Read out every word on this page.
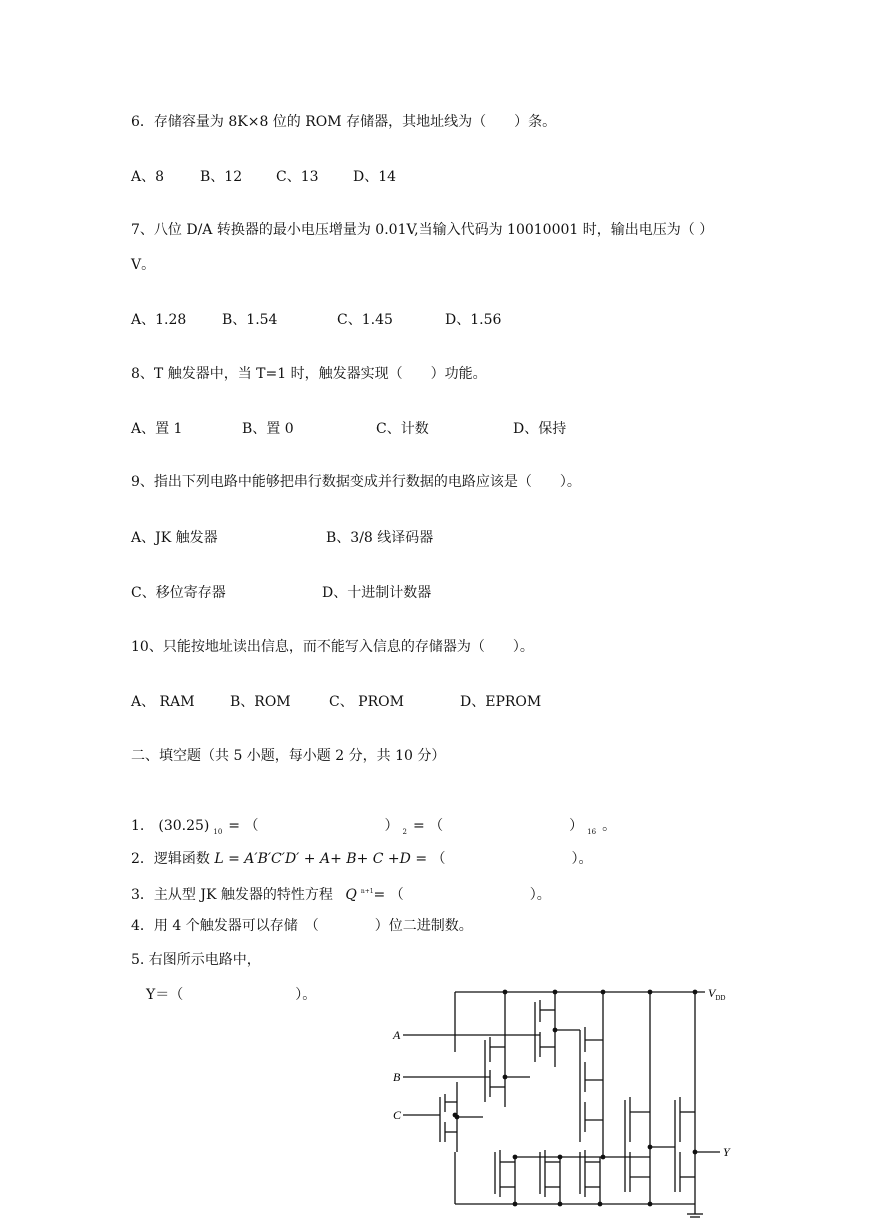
6．存储容量为 8K×8 位的 ROM 存储器，其地址线为（　　）条。
A、8	B、12 C、13 D、14
7、八位 D/A 转换器的最小电压增量为 0.01V,当输入代码为 10010001 时，输出电压为（ ）
V。
A、1.28	B、1.54	C、1.45	D、1.56
8、T 触发器中，当 T=1 时，触发器实现（　　）功能。
A、置 1	B、置 0	C、计数	D、保持
9、指出下列电路中能够把串行数据变成并行数据的电路应该是（　　）。
A、JK 触发器	B、3/8 线译码器
C、移位寄存器	D、十进制计数器
10、只能按地址读出信息，而不能写入信息的存储器为（　　）。
A、 RAM	B、ROM	C、 PROM	D、EPROM
二、填空题（共 5 小题，每小题 2 分，共 10 分）
1.　(30.25) $_{10}$ = （　　　　　　　　　） $_2$ = （　　　　　　　　　） $_{16}$ 。
2．逻辑函数 L = A′B′C′D′ + A+ B+ C +D = （　　　　　　　　　）。
3．主从型 JK 触发器的特性方程 Q $^{n+1}$= （　　　　　　　　　）。
4．用 4 个触发器可以存储　（　　　　）位二进制数。
5. 右图所示电路中，
Y＝（　　　　　　　　）。	$V_{DD}$
A
B
C
Y
